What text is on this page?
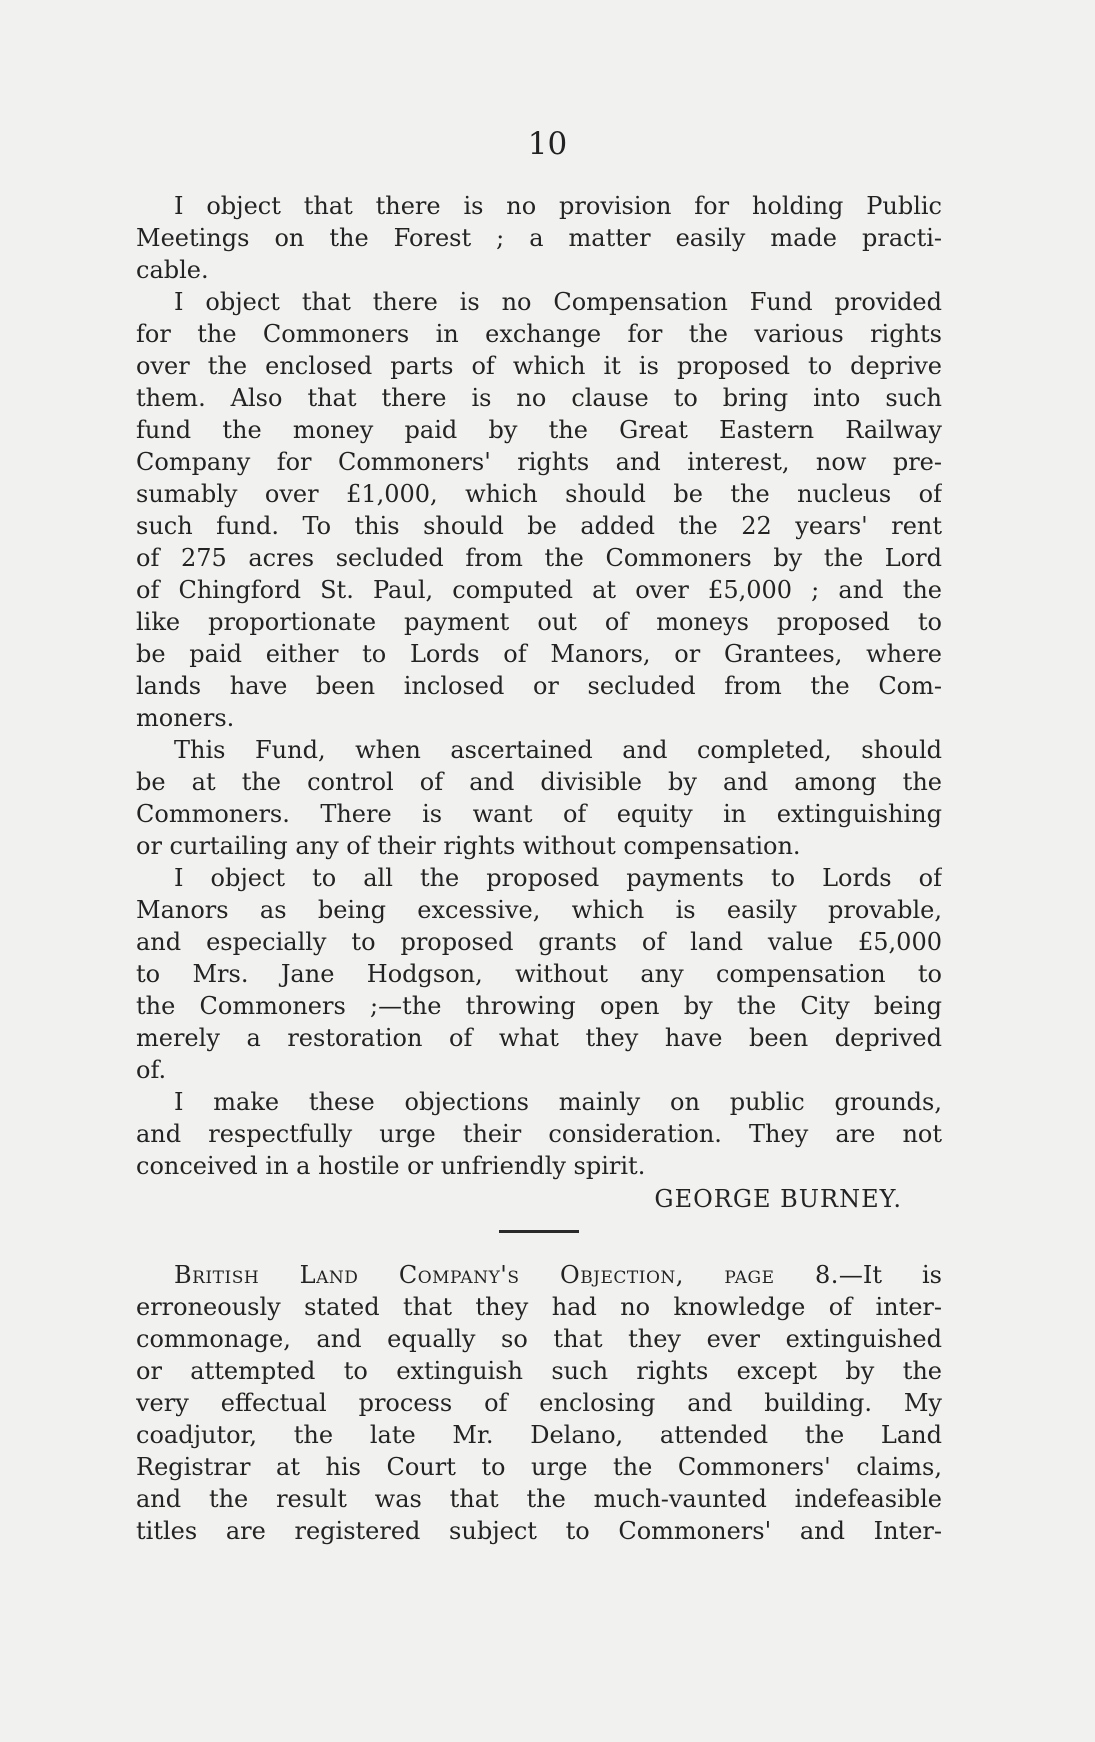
10
I object that there is no provision for holding Public
Meetings on the Forest ; a matter easily made practi-
cable.
I object that there is no Compensation Fund provided
for the Commoners in exchange for the various rights
over the enclosed parts of which it is proposed to deprive
them. Also that there is no clause to bring into such
fund the money paid by the Great Eastern Railway
Company for Commoners' rights and interest, now pre-
sumably over £1,000, which should be the nucleus of
such fund. To this should be added the 22 years' rent
of 275 acres secluded from the Commoners by the Lord
of Chingford St. Paul, computed at over £5,000 ; and the
like proportionate payment out of moneys proposed to
be paid either to Lords of Manors, or Grantees, where
lands have been inclosed or secluded from the Com-
moners.
This Fund, when ascertained and completed, should
be at the control of and divisible by and among the
Commoners. There is want of equity in extinguishing
or curtailing any of their rights without compensation.
I object to all the proposed payments to Lords of
Manors as being excessive, which is easily provable,
and especially to proposed grants of land value £5,000
to Mrs. Jane Hodgson, without any compensation to
the Commoners ;—the throwing open by the City being
merely a restoration of what they have been deprived
of.
I make these objections mainly on public grounds,
and respectfully urge their consideration. They are not
conceived in a hostile or unfriendly spirit.
GEORGE BURNEY.
British Land Company's Objection, page 8.—It is
erroneously stated that they had no knowledge of inter-
commonage, and equally so that they ever extinguished
or attempted to extinguish such rights except by the
very effectual process of enclosing and building. My
coadjutor, the late Mr. Delano, attended the Land
Registrar at his Court to urge the Commoners' claims,
and the result was that the much-vaunted indefeasible
titles are registered subject to Commoners' and Inter-
